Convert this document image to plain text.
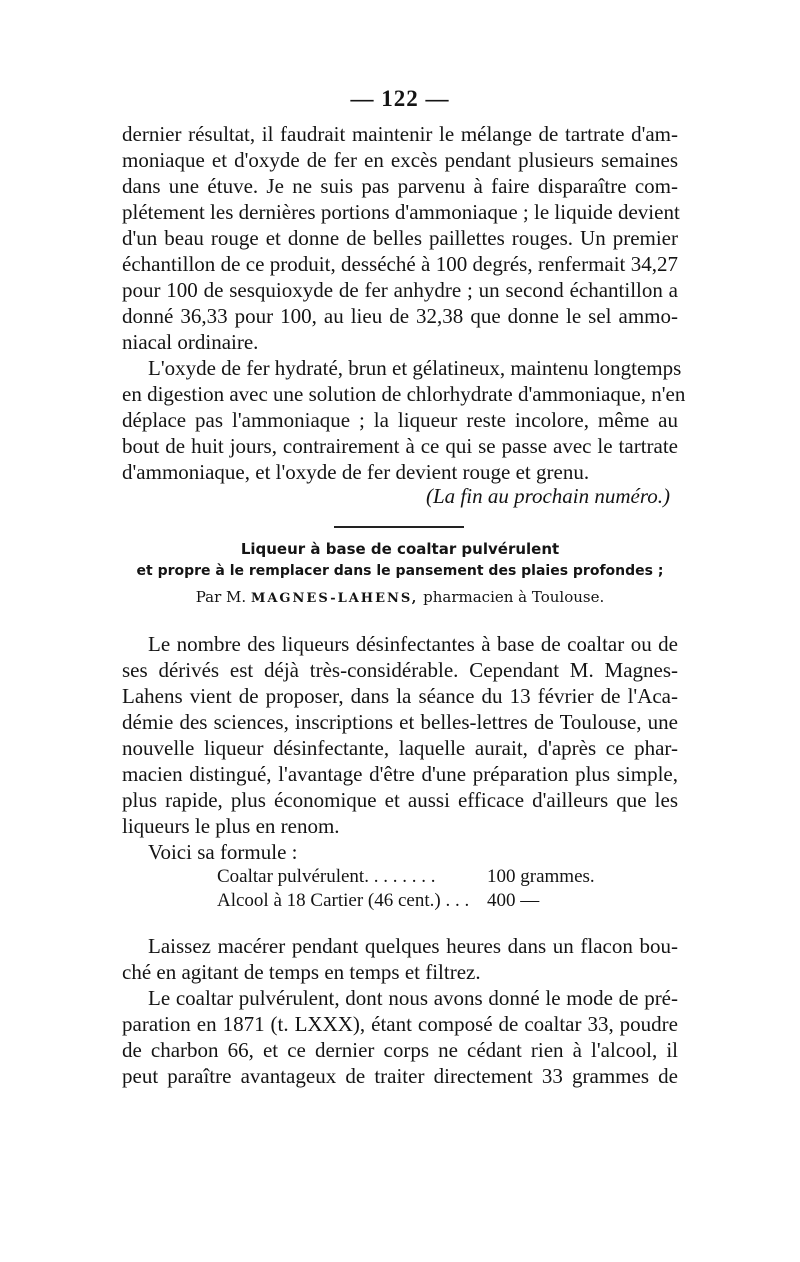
— 122 —
dernier résultat, il faudrait maintenir le mélange de tartrate d'am-
moniaque et d'oxyde de fer en excès pendant plusieurs semaines
dans une étuve. Je ne suis pas parvenu à faire disparaître com-
plétement les dernières portions d'ammoniaque ; le liquide devient
d'un beau rouge et donne de belles paillettes rouges. Un premier
échantillon de ce produit, desséché à 100 degrés, renfermait 34,27
pour 100 de sesquioxyde de fer anhydre ; un second échantillon a
donné 36,33 pour 100, au lieu de 32,38 que donne le sel ammo-
niacal ordinaire.
L'oxyde de fer hydraté, brun et gélatineux, maintenu longtemps
en digestion avec une solution de chlorhydrate d'ammoniaque, n'en
déplace pas l'ammoniaque ; la liqueur reste incolore, même au
bout de huit jours, contrairement à ce qui se passe avec le tartrate
d'ammoniaque, et l'oxyde de fer devient rouge et grenu.
(La fin au prochain numéro.)
Liqueur à base de coaltar pulvérulent
et propre à le remplacer dans le pansement des plaies profondes ;
Par M. MAGNES-LAHENS, pharmacien à Toulouse.
Le nombre des liqueurs désinfectantes à base de coaltar ou de
ses dérivés est déjà très-considérable. Cependant M. Magnes-
Lahens vient de proposer, dans la séance du 13 février de l'Aca-
démie des sciences, inscriptions et belles-lettres de Toulouse, une
nouvelle liqueur désinfectante, laquelle aurait, d'après ce phar-
macien distingué, l'avantage d'être d'une préparation plus simple,
plus rapide, plus économique et aussi efficace d'ailleurs que les
liqueurs le plus en renom.
Voici sa formule :
Coaltar pulvérulent. . . . . . . .	100 grammes.
Alcool à 18 Cartier (46 cent.) . . . 400 —
Laissez macérer pendant quelques heures dans un flacon bou-
ché en agitant de temps en temps et filtrez.
Le coaltar pulvérulent, dont nous avons donné le mode de pré-
paration en 1871 (t. LXXX), étant composé de coaltar 33, poudre
de charbon 66, et ce dernier corps ne cédant rien à l'alcool, il
peut paraître avantageux de traiter directement 33 grammes de
